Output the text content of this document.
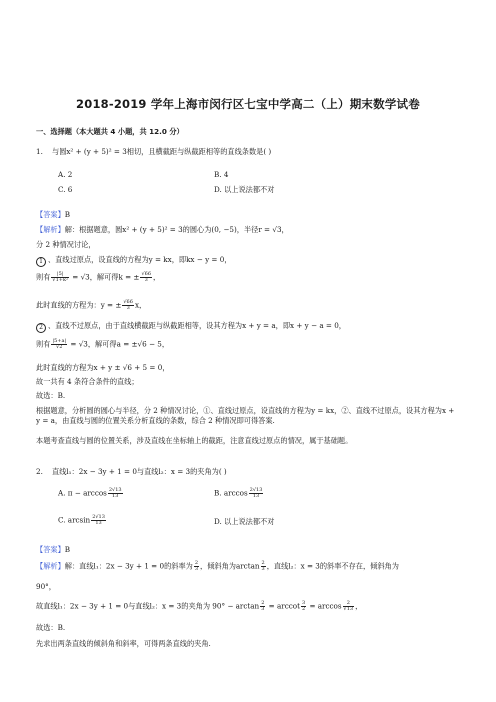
2018-2019 学年上海市闵行区七宝中学高二（上）期末数学试卷
一、选择题（本大题共 4 小题，共 12.0 分）
1. 与圆x² + (y + 5)² = 3相切，且横截距与纵截距相等的直线条数是( )
A. 2	B. 4
C. 6	D. 以上说法都不对
【答案】B
【解析】解：根据题意，圆x² + (y + 5)² = 3的圆心为(0, −5)，半径r = √3，
分 2 种情况讨论，
1 、直线过原点，设直线的方程为y = kx，即kx − y = 0，
则有 $\frac{|5|}{\text{√1+k²}} = √3$，解可得k = ± $\frac{√66}{3}$ ，
此时直线的方程为：y = ± $\frac{√66}{3}$ x，
2 、直线不过原点，由于直线横截距与纵截距相等，设其方程为x + y = a，即x + y − a = 0，
则有 $\frac{|5+a|}{√2} = √3$，解可得a = ±√6 − 5，
此时直线的方程为x + y ± √6 + 5 = 0，
故一共有 4 条符合条件的直线；
故选：B.
根据题意，分析圆的圆心与半径，分 2 种情况讨论，①、直线过原点，设直线的方程为y = kx，②、直线不过原点，设其方程为x + y = a，由直线与圆的位置关系分析直线的条数，综合 2 种情况即可得答案.
本题考查直线与圆的位置关系，涉及直线在坐标轴上的截距，注意直线过原点的情况，属于基础题。
2. 直线l₁：2x − 3y + 1 = 0与直线l₂：x = 3的夹角为( )
A. $\pi - \arccos \frac{2√13}{13}$	B. $\arccos \frac{2√13}{13}$
C. $\arcsin \frac{2√13}{13}$	D. 以上说法都不对
【答案】B
【解析】解：直线l₁：2x − 3y + 1 = 0的斜率为 $\frac{2}{3}$ ，倾斜角为$\arctan \frac{2}{3}$ ，直线l₂：x = 3的斜率不存在，倾斜角为
90°，
故直线l₁：2x − 3y + 1 = 0与直线l₂：x = 3的夹角为 $90^\circ - \arctan \frac{2}{3} = arccot \frac{3}{2} = \arccos \frac{2}{√13}$ ，
故选：B.
先求出两条直线的倾斜角和斜率，可得两条直线的夹角.
